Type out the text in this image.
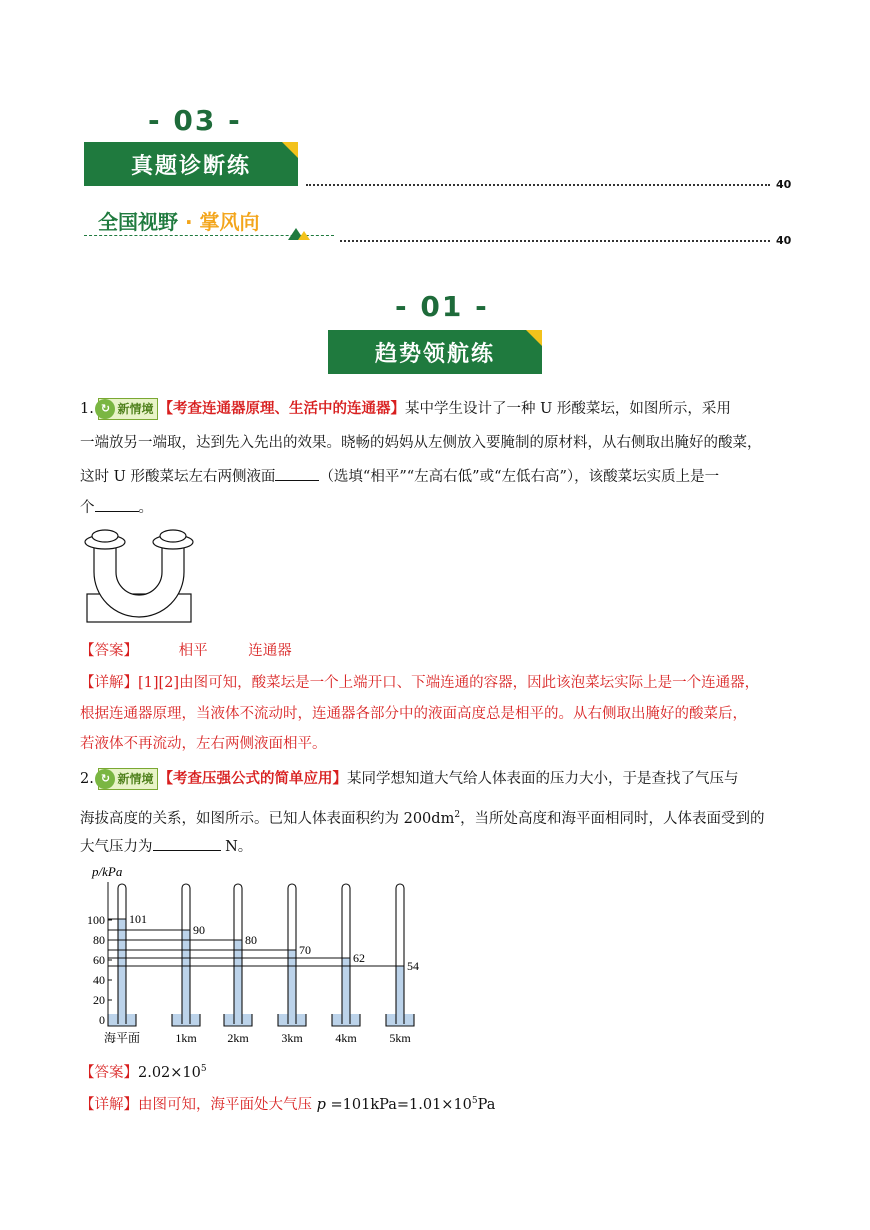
- 03 -
真题诊断练
40
全国视野 · 掌风向
40
- 01 -
趋势领航练
1. ↻ 新情境 【考查连通器原理、生活中的连通器】某中学生设计了一种 U 形酸菜坛，如图所示，采用
一端放另一端取，达到先入先出的效果。晓畅的妈妈从左侧放入要腌制的原材料，从右侧取出腌好的酸菜，
这时 U 形酸菜坛左右两侧液面	（选填“相平”“左高右低”或“左低右高”），该酸菜坛实质上是一
个	。
【答案】	相平	连通器
【详解】[1][2]由图可知，酸菜坛是一个上端开口、下端连通的容器，因此该泡菜坛实际上是一个连通器，
根据连通器原理，当液体不流动时，连通器各部分中的液面高度总是相平的。从右侧取出腌好的酸菜后，
若液体不再流动，左右两侧液面相平。
2. ↻ 新情境 【考查压强公式的简单应用】某同学想知道大气给人体表面的压力大小，于是查找了气压与
海拔高度的关系，如图所示。已知人体表面积约为 $200dm^2$，当所处高度和海平面相同时，人体表面受到的
大气压力为	N。
p/kPa
100
80
60
40
20
0
101
90
80
70
62
54
海平面	1km	2km	3km	4km	5km
【答案】$2.02\times 10^5$
【详解】由图可知，海平面处大气压 $p =101kPa=1.01\times 10^5Pa$
